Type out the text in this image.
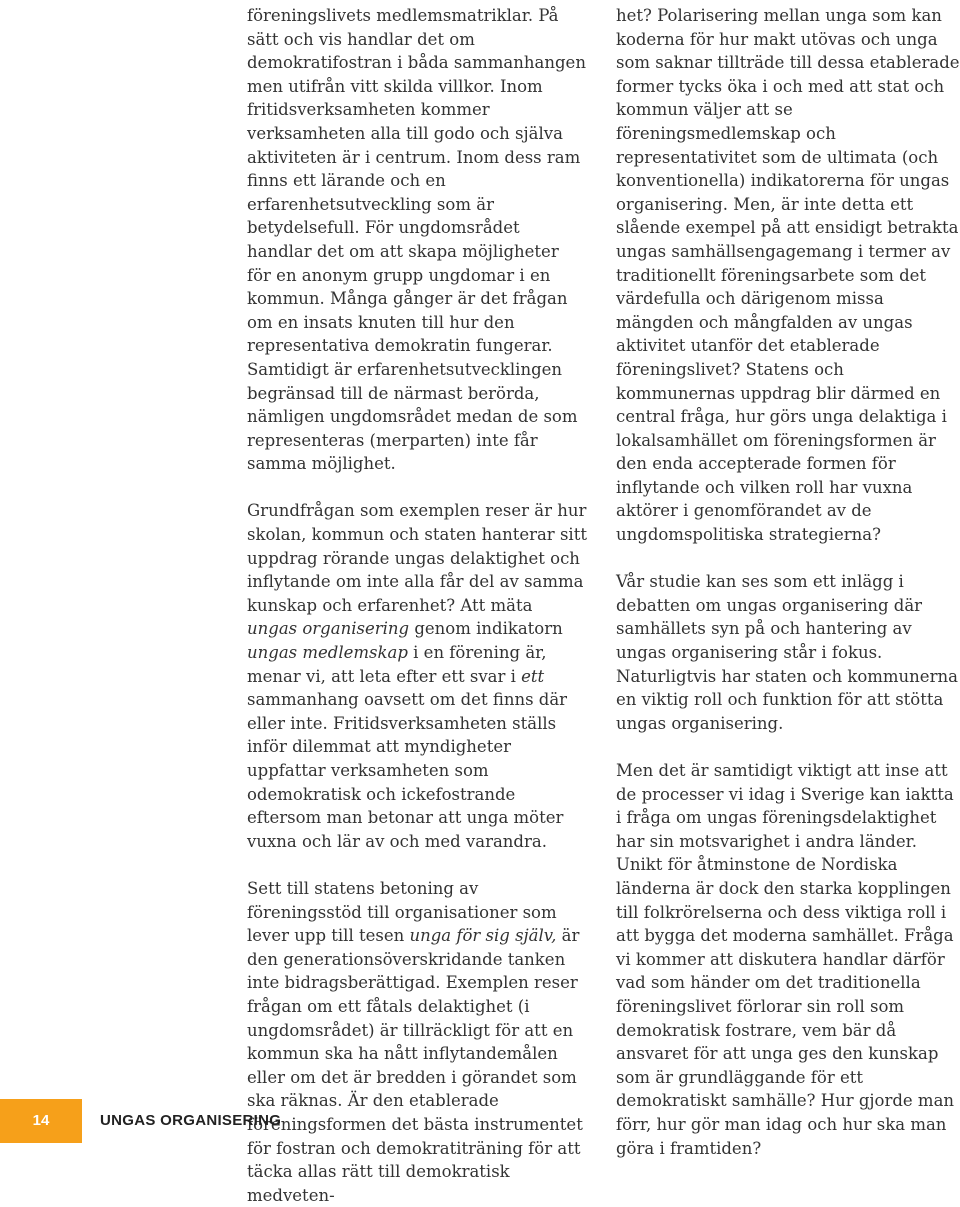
föreningslivets medlemsmatriklar. På sätt och vis handlar det om demokratifostran i båda sammanhangen men utifrån vitt skilda villkor. Inom fritidsverksamheten kommer verksamheten alla till godo och själva aktiviteten är i centrum. Inom dess ram finns ett lärande och en erfarenhetsutveckling som är betydelsefull. För ungdomsrådet handlar det om att skapa möjligheter för en anonym grupp ungdomar i en kommun. Många gånger är det frågan om en insats knuten till hur den representativa demokratin fungerar. Samtidigt är erfarenhetsutvecklingen begränsad till de närmast berörda, nämligen ungdomsrådet medan de som representeras (merparten) inte får samma möjlighet.

Grundfrågan som exemplen reser är hur skolan, kommun och staten hanterar sitt uppdrag rörande ungas delaktighet och inflytande om inte alla får del av samma kunskap och erfarenhet? Att mäta ungas organisering genom indikatorn ungas medlemskap i en förening är, menar vi, att leta efter ett svar i ett sammanhang oavsett om det finns där eller inte. Fritidsverksamheten ställs inför dilemmat att myndigheter uppfattar verksamheten som odemokratisk och ickefostrande eftersom man betonar att unga möter vuxna och lär av och med varandra.

Sett till statens betoning av föreningsstöd till organisationer som lever upp till tesen unga för sig själv, är den generationsöverskridande tanken inte bidragsberättigad. Exemplen reser frågan om ett fåtals delaktighet (i ungdomsrådet) är tillräckligt för att en kommun ska ha nått inflytandemålen eller om det är bredden i görandet som ska räknas. Är den etablerade föreningsformen det bästa instrumentet för fostran och demokratiträning för att täcka allas rätt till demokratisk medveten-

het? Polarisering mellan unga som kan koderna för hur makt utövas och unga som saknar tillträde till dessa etablerade former tycks öka i och med att stat och kommun väljer att se föreningsmedlemskap och representativitet som de ultimata (och konventionella) indikatorerna för ungas organisering. Men, är inte detta ett slående exempel på att ensidigt betrakta ungas samhällsengagemang i termer av traditionellt föreningsarbete som det värdefulla och därigenom missa mängden och mångfalden av ungas aktivitet utanför det etablerade föreningslivet? Statens och kommunernas uppdrag blir därmed en central fråga, hur görs unga delaktiga i lokalsamhället om föreningsformen är den enda accepterade formen för inflytande och vilken roll har vuxna aktörer i genomförandet av de ungdomspolitiska strategierna?

Vår studie kan ses som ett inlägg i debatten om ungas organisering där samhällets syn på och hantering av ungas organisering står i fokus. Naturligtvis har staten och kommunerna en viktig roll och funktion för att stötta ungas organisering.

Men det är samtidigt viktigt att inse att de processer vi idag i Sverige kan iakttа i fråga om ungas föreningsdelaktighet har sin motsvarighet i andra länder. Unikt för åtminstone de Nordiska länderna är dock den starka kopplingen till folkrörelserna och dess viktiga roll i att bygga det moderna samhället. Fråga vi kommer att diskutera handlar därför vad som händer om det traditionella föreningslivet förlorar sin roll som demokratisk fostrare, vem bär då ansvaret för att unga ges den kunskap som är grundläggande för ett demokratiskt samhälle? Hur gjorde man förr, hur gör man idag och hur ska man göra i framtiden?

14	UNGAS ORGANISERING
